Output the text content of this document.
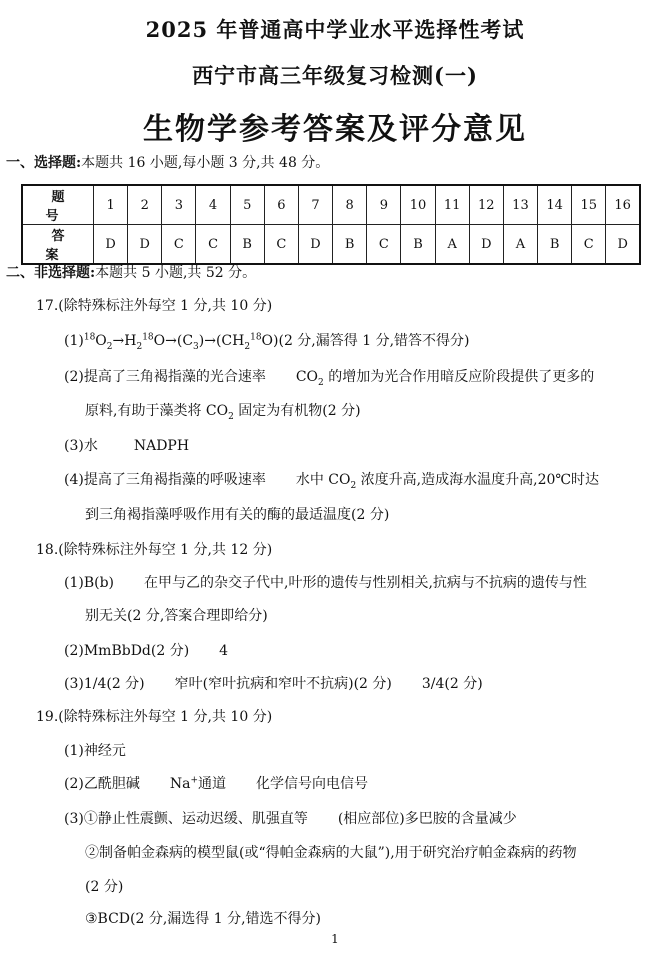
2025 年普通高中学业水平选择性考试
西宁市高三年级复习检测(一)
生物学参考答案及评分意见
一、选择题:本题共 16 小题,每小题 3 分,共 48 分。
题　号	1	2	3	4	5	6	7	8	9	10	11	12	13	14	15	16
答　案	D	D	C	C	B	C	D	B	C	B	A	D	A	B	C	D
二、非选择题:本题共 5 小题,共 52 分。
17.(除特殊标注外每空 1 分,共 10 分)
$(1)^{18}O_2\to H_2^{18}O\to(C_3)\to(CH_2^{18}O)(2$ 分,漏答得 1 分,错答不得分)
(2)提高了三角褐指藻的光合速率 $CO_2$ 的增加为光合作用暗反应阶段提供了更多的
原料,有助于藻类将 $CO_2$ 固定为有机物(2 分)
(3)水	NADPH
(4)提高了三角褐指藻的呼吸速率 水中 $CO_2$ 浓度升高,造成海水温度升高,20℃时达
到三角褐指藻呼吸作用有关的酶的最适温度(2 分)
18.(除特殊标注外每空 1 分,共 12 分)
(1)B(b) 在甲与乙的杂交子代中,叶形的遗传与性别相关,抗病与不抗病的遗传与性
别无关(2 分,答案合理即给分)
(2)MmBbDd(2 分) 4
(3)1/4(2 分) 窄叶(窄叶抗病和窄叶不抗病)(2 分) 3/4(2 分)
19.(除特殊标注外每空 1 分,共 10 分)
(1)神经元
(2)乙酰胆碱 Na+通道 化学信号向电信号
(3)①静止性震颤、运动迟缓、肌强直等 (相应部位)多巴胺的含量减少
②制备帕金森病的模型鼠(或“得帕金森病的大鼠”),用于研究治疗帕金森病的药物
(2 分)
③BCD(2 分,漏选得 1 分,错选不得分)
1
